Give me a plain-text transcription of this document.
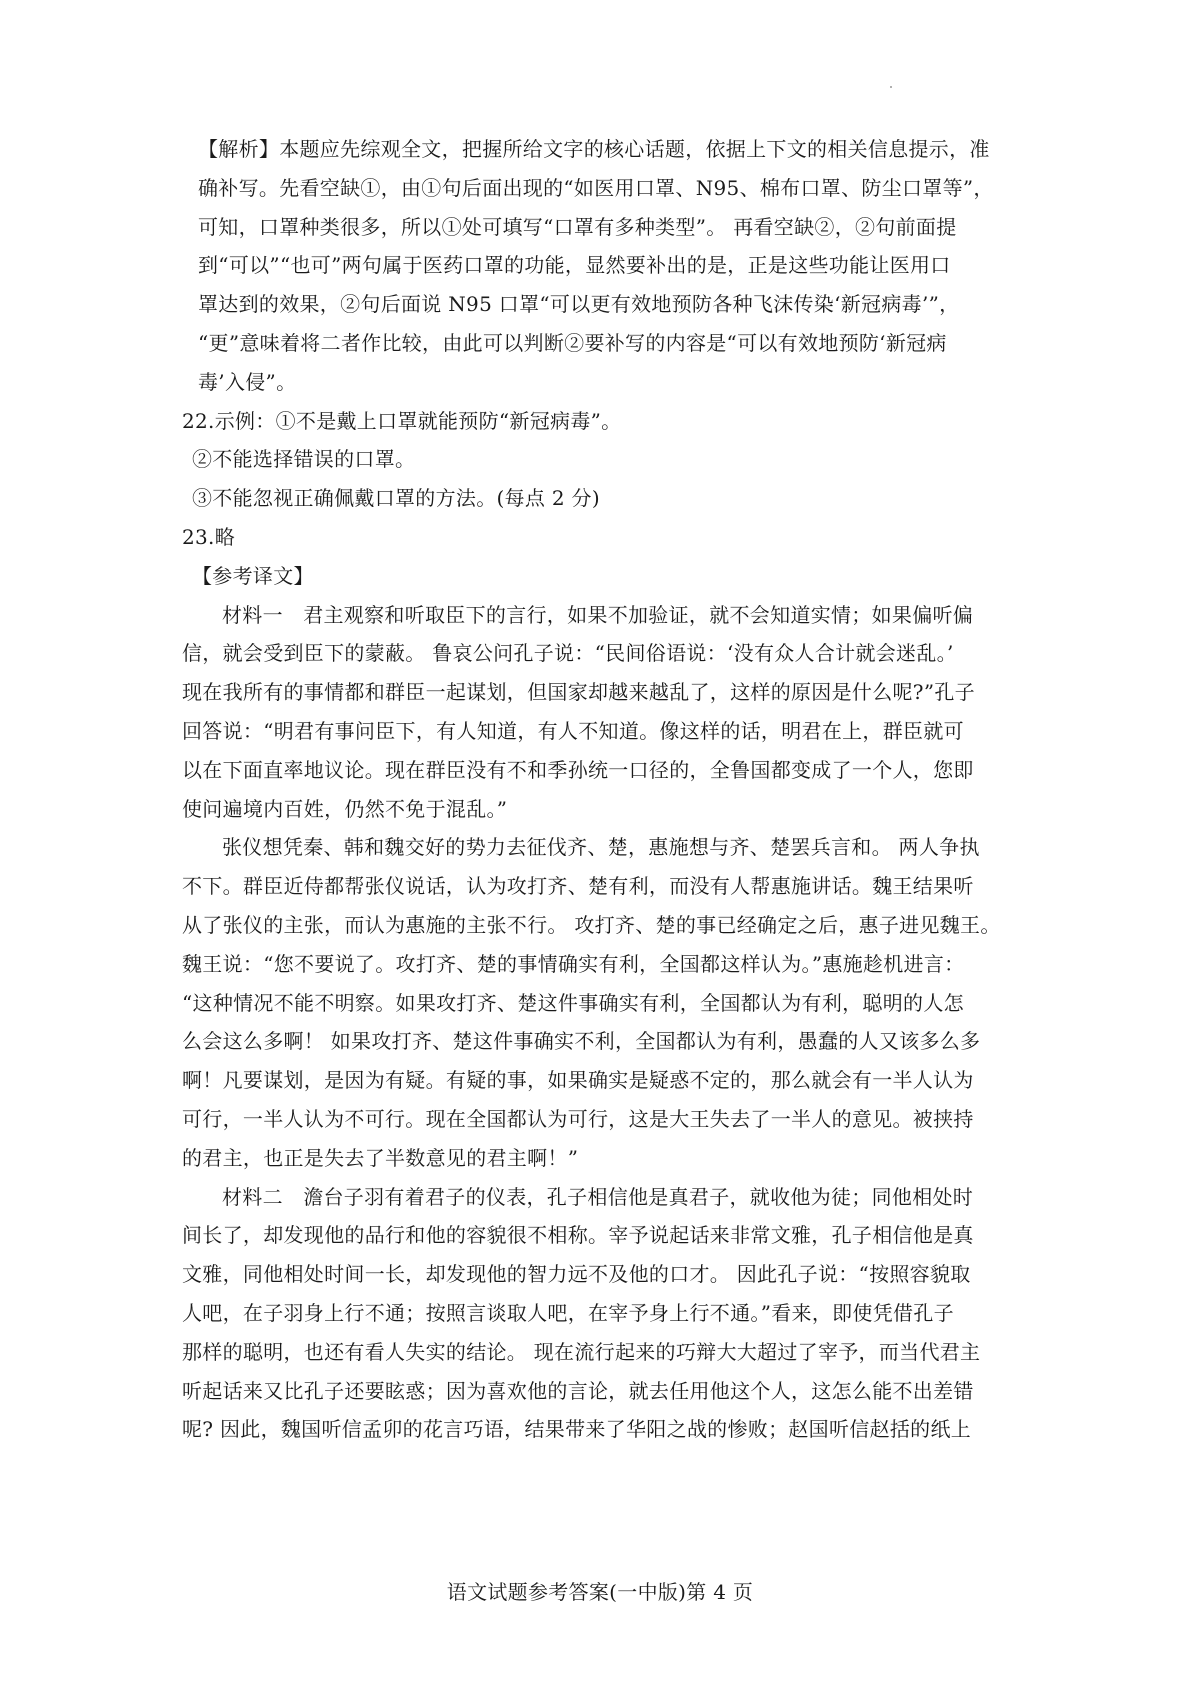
【解析】本题应先综观全文，把握所给文字的核心话题，依据上下文的相关信息提示，准
确补写。先看空缺①，由①句后面出现的“如医用口罩、N95、棉布口罩、防尘口罩等”，
可知，口罩种类很多，所以①处可填写“口罩有多种类型”。 再看空缺②，②句前面提
到“可以”“也可”两句属于医药口罩的功能，显然要补出的是，正是这些功能让医用口
罩达到的效果，②句后面说 N95 口罩“可以更有效地预防各种飞沫传染‘新冠病毒’”，
“更”意味着将二者作比较，由此可以判断②要补写的内容是“可以有效地预防‘新冠病
毒’入侵”。
22.示例：①不是戴上口罩就能预防“新冠病毒”。
②不能选择错误的口罩。
③不能忽视正确佩戴口罩的方法。(每点 2 分)
23.略
【参考译文】
材料一　君主观察和听取臣下的言行，如果不加验证，就不会知道实情；如果偏听偏
信，就会受到臣下的蒙蔽。 鲁哀公问孔子说：“民间俗语说：‘没有众人合计就会迷乱。’
现在我所有的事情都和群臣一起谋划，但国家却越来越乱了，这样的原因是什么呢?”孔子
回答说：“明君有事问臣下，有人知道，有人不知道。像这样的话，明君在上，群臣就可
以在下面直率地议论。现在群臣没有不和季孙统一口径的，全鲁国都变成了一个人，您即
使问遍境内百姓，仍然不免于混乱。”
张仪想凭秦、韩和魏交好的势力去征伐齐、楚，惠施想与齐、楚罢兵言和。 两人争执
不下。群臣近侍都帮张仪说话，认为攻打齐、楚有利，而没有人帮惠施讲话。魏王结果听
从了张仪的主张，而认为惠施的主张不行。 攻打齐、楚的事已经确定之后，惠子进见魏王。
魏王说：“您不要说了。攻打齐、楚的事情确实有利，全国都这样认为。”惠施趁机进言：
“这种情况不能不明察。如果攻打齐、楚这件事确实有利，全国都认为有利，聪明的人怎
么会这么多啊！ 如果攻打齐、楚这件事确实不利，全国都认为有利，愚蠢的人又该多么多
啊！凡要谋划，是因为有疑。有疑的事，如果确实是疑惑不定的，那么就会有一半人认为
可行，一半人认为不可行。现在全国都认为可行，这是大王失去了一半人的意见。被挟持
的君主，也正是失去了半数意见的君主啊！”
材料二　澹台子羽有着君子的仪表，孔子相信他是真君子，就收他为徒；同他相处时
间长了，却发现他的品行和他的容貌很不相称。宰予说起话来非常文雅，孔子相信他是真
文雅，同他相处时间一长，却发现他的智力远不及他的口才。 因此孔子说：“按照容貌取
人吧，在子羽身上行不通；按照言谈取人吧，在宰予身上行不通。”看来，即使凭借孔子
那样的聪明，也还有看人失实的结论。 现在流行起来的巧辩大大超过了宰予，而当代君主
听起话来又比孔子还要眩惑；因为喜欢他的言论，就去任用他这个人，这怎么能不出差错
呢? 因此，魏国听信孟卯的花言巧语，结果带来了华阳之战的惨败；赵国听信赵括的纸上
语文试题参考答案(一中版)第 4 页
